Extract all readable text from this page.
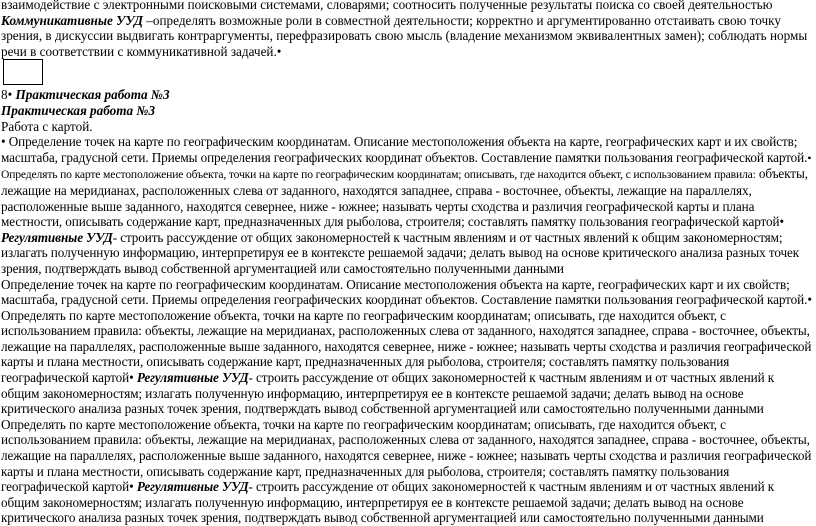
взаимодействие с электронными поисковыми системами, словарями; соотносить полученные результаты поиска со своей деятельностью

Коммуникативные УУД –определять возможные роли в совместной деятельности; корректно и аргументированно отстаивать свою точку зрения, в дискуссии выдвигать контраргументы, перефразировать свою мысль (владение механизмом эквивалентных замен); соблюдать нормы речи в соответствии с коммуникативной задачей.•

8• Практическая работа №3

Практическая работа №3

Работа с картой.

• Определение точек на карте по географическим координатам. Описание местоположения объекта на карте, географических карт и их свойств; масштаба, градусной сети. Приемы определения географических координат объектов. Составление памятки пользования географической картой.• Определять по карте местоположение объекта, точки на карте по географическим координатам; описывать, где находится объект, с использованием правила: объекты, лежащие на меридианах, расположенных слева от заданного, находятся западнее, справа - восточнее, объекты, лежащие на параллелях, расположенные выше заданного, находятся севернее, ниже - южнее; называть черты сходства и различия географической карты и плана местности, описывать содержание карт, предназначенных для рыболова, строителя; составлять памятку пользования географической картой• Регулятивные УУД- строить рассуждение от общих закономерностей к частным явлениям и от частных явлений к общим закономерностям; излагать полученную информацию, интерпретируя ее в контексте решаемой задачи; делать вывод на основе критического анализа разных точек зрения, подтверждать вывод собственной аргументацией или самостоятельно полученными данными

Определение точек на карте по географическим координатам. Описание местоположения объекта на карте, географических карт и их свойств; масштаба, градусной сети. Приемы определения географических координат объектов. Составление памятки пользования географической картой.• Определять по карте местоположение объекта, точки на карте по географическим координатам; описывать, где находится объект, с использованием правила: объекты, лежащие на меридианах, расположенных слева от заданного, находятся западнее, справа - восточнее, объекты, лежащие на параллелях, расположенные выше заданного, находятся севернее, ниже - южнее; называть черты сходства и различия географической карты и плана местности, описывать содержание карт, предназначенных для рыболова, строителя; составлять памятку пользования географической картой• Регулятивные УУД- строить рассуждение от общих закономерностей к частным явлениям и от частных явлений к общим закономерностям; излагать полученную информацию, интерпретируя ее в контексте решаемой задачи; делать вывод на основе критического анализа разных точек зрения, подтверждать вывод собственной аргументацией или самостоятельно полученными данными

Определять по карте местоположение объекта, точки на карте по географическим координатам; описывать, где находится объект, с использованием правила: объекты, лежащие на меридианах, расположенных слева от заданного, находятся западнее, справа - восточнее, объекты, лежащие на параллелях, расположенные выше заданного, находятся севернее, ниже - южнее; называть черты сходства и различия географической карты и плана местности, описывать содержание карт, предназначенных для рыболова, строителя; составлять памятку пользования географической картой• Регулятивные УУД- строить рассуждение от общих закономерностей к частным явлениям и от частных явлений к общим закономерностям; излагать полученную информацию, интерпретируя ее в контексте решаемой задачи; делать вывод на основе критического анализа разных точек зрения, подтверждать вывод собственной аргументацией или самостоятельно полученными данными
